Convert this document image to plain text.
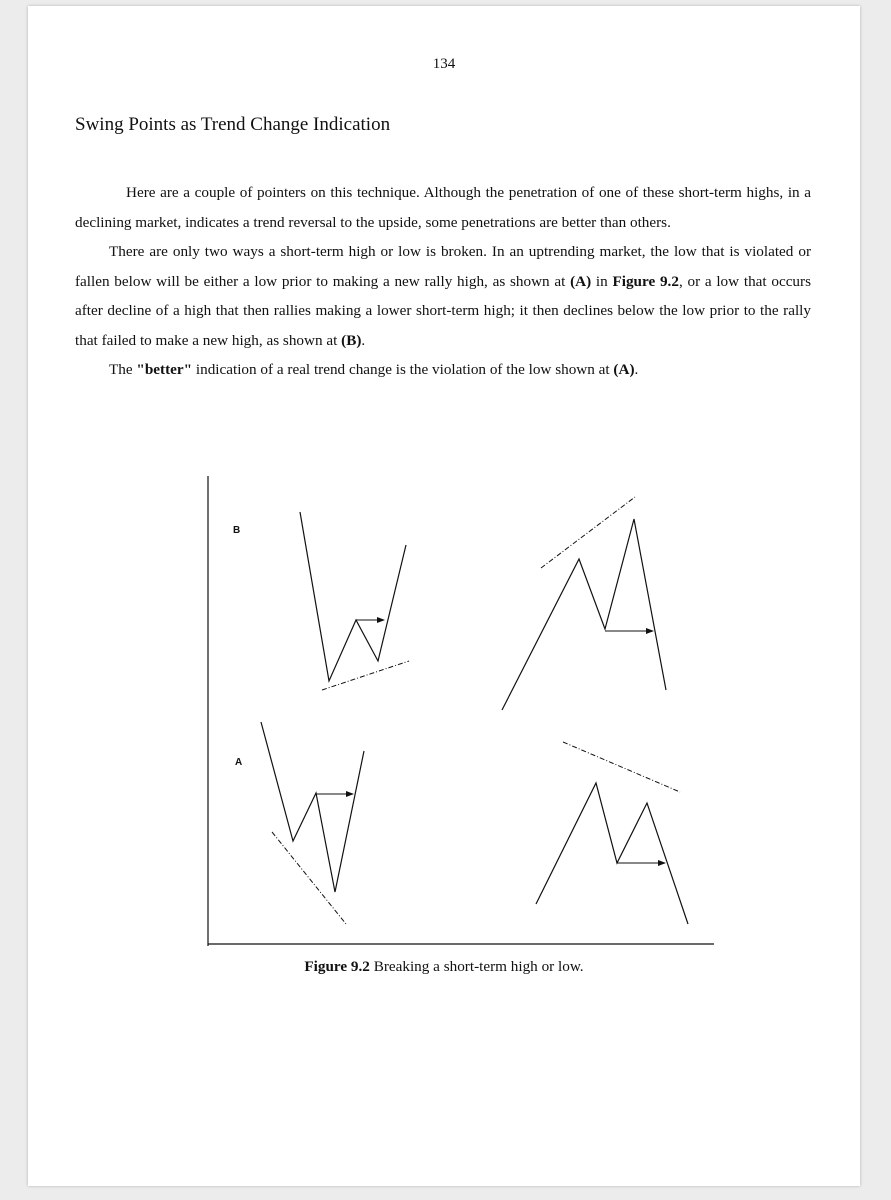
134
Swing Points as Trend Change Indication

Here are a couple of pointers on this technique. Although the penetration of one of these short-term highs, in a declining market, indicates a trend reversal to the upside, some penetrations are better than others.

There are only two ways a short-term high or low is broken. In an uptrending market, the low that is violated or fallen below will be either a low prior to making a new rally high, as shown at (A) in Figure 9.2, or a low that occurs after decline of a high that then rallies making a lower short-term high; it then declines below the low prior to the rally that failed to make a new high, as shown at (B).

The "better" indication of a real trend change is the violation of the low shown at (A).

B
A
Figure 9.2 Breaking a short-term high or low.
